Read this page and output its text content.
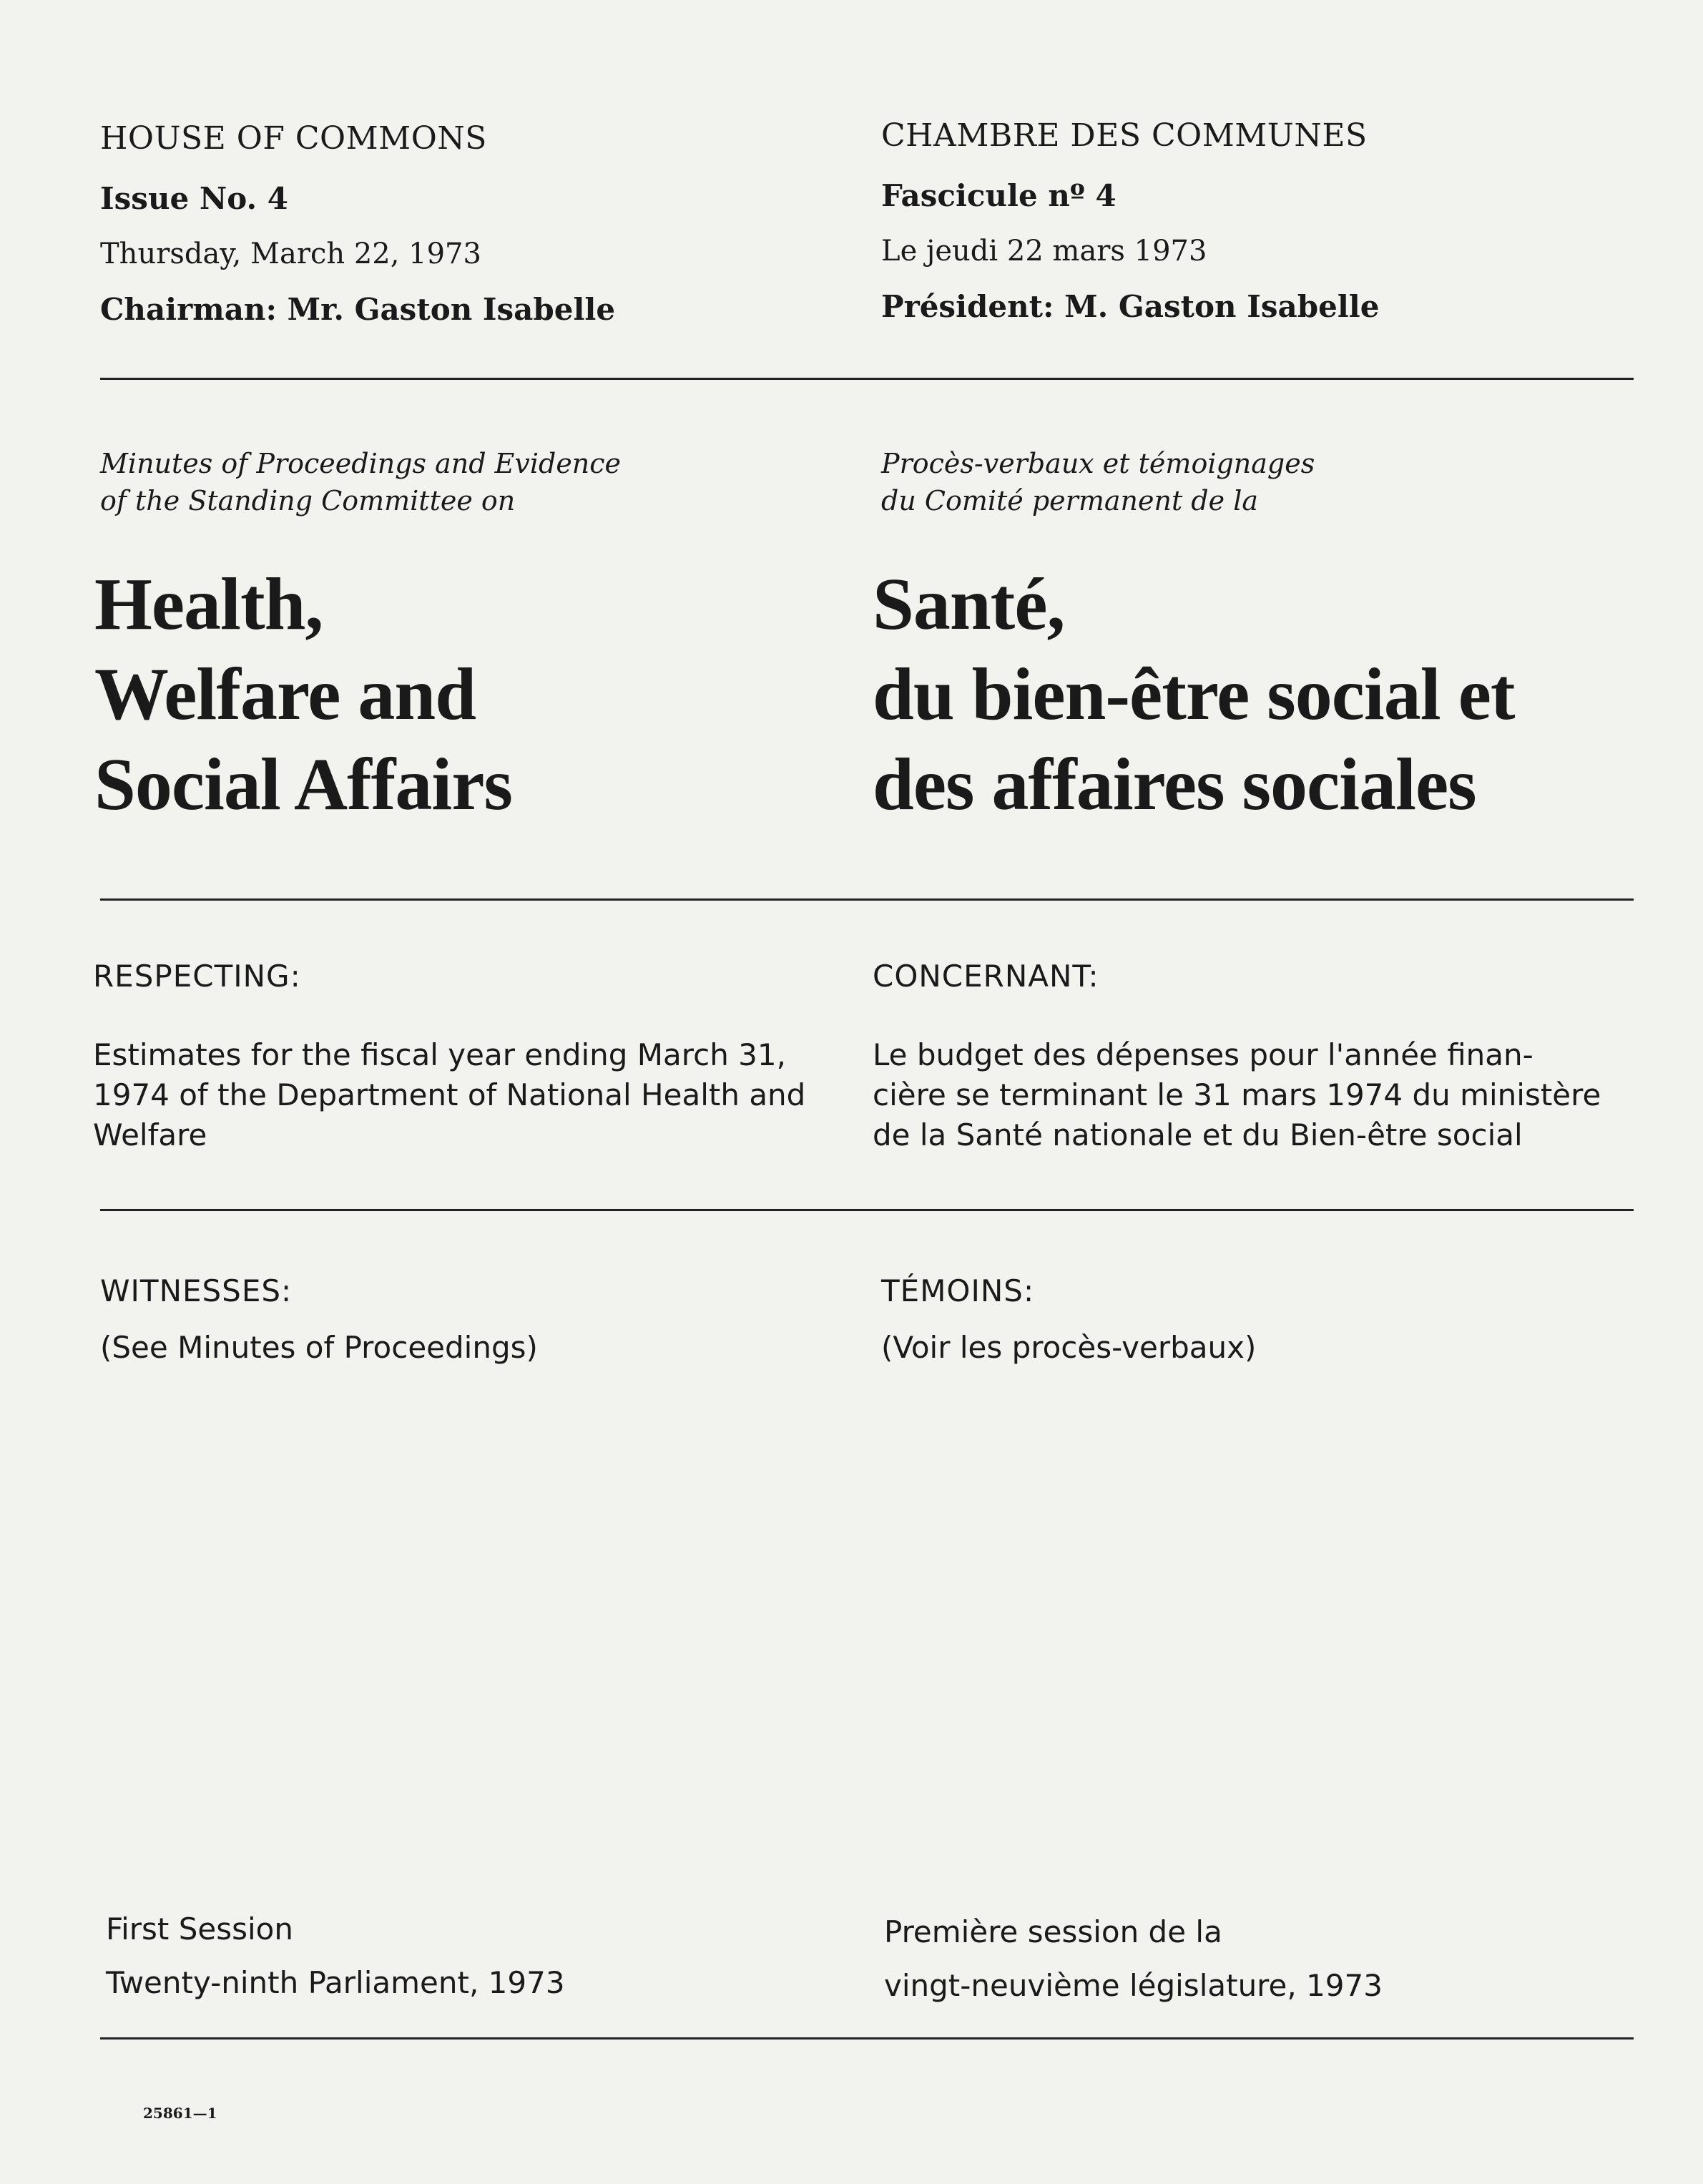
HOUSE OF COMMONS
Issue No. 4
Thursday, March 22, 1973
Chairman: Mr. Gaston Isabelle
CHAMBRE DES COMMUNES
Fascicule nº 4
Le jeudi 22 mars 1973
Président: M. Gaston Isabelle
Minutes of Proceedings and Evidence
of the Standing Committee on
Procès-verbaux et témoignages
du Comité permanent de la
Health,
Welfare and
Social Affairs
Santé,
du bien-être social et
des affaires sociales
RESPECTING:
Estimates for the fiscal year ending March 31,
1974 of the Department of National Health and
Welfare
CONCERNANT:
Le budget des dépenses pour l'année finan-
cière se terminant le 31 mars 1974 du ministère
de la Santé nationale et du Bien-être social
WITNESSES:
(See Minutes of Proceedings)
TÉMOINS:
(Voir les procès-verbaux)
First Session
Twenty-ninth Parliament, 1973
Première session de la
vingt-neuvième législature, 1973
25861—1
